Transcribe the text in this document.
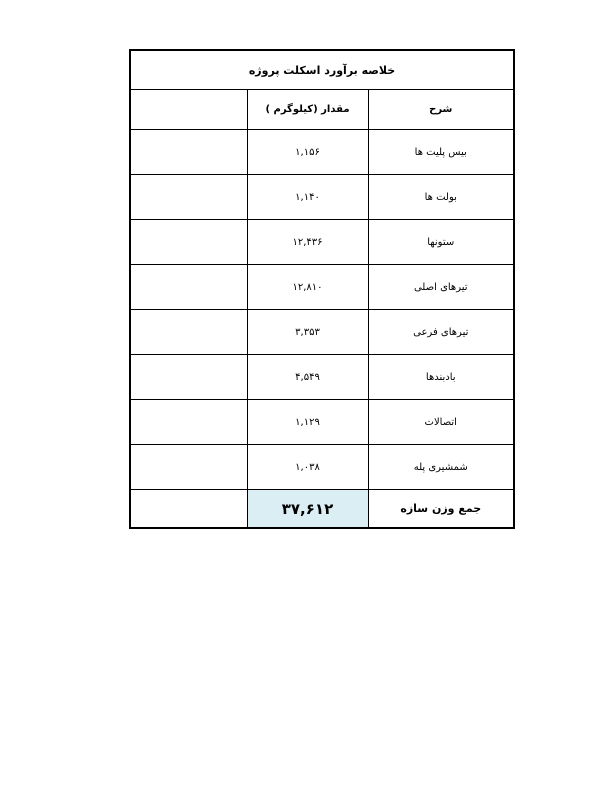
خلاصه برآورد اسکلت پروژه
شرح	مقدار (کیلوگرم )	
بیس پلیت ها	۱,۱۵۶	
بولت ها	۱,۱۴۰	
ستونها	۱۲,۴۳۶	
تیرهای اصلی	۱۲,۸۱۰	
تیرهای فرعی	۳,۳۵۳	
بادبندها	۴,۵۴۹	
اتصالات	۱,۱۲۹	
شمشیری پله	۱,۰۳۸	
جمع وزن سازه	۳۷,۶۱۲	
